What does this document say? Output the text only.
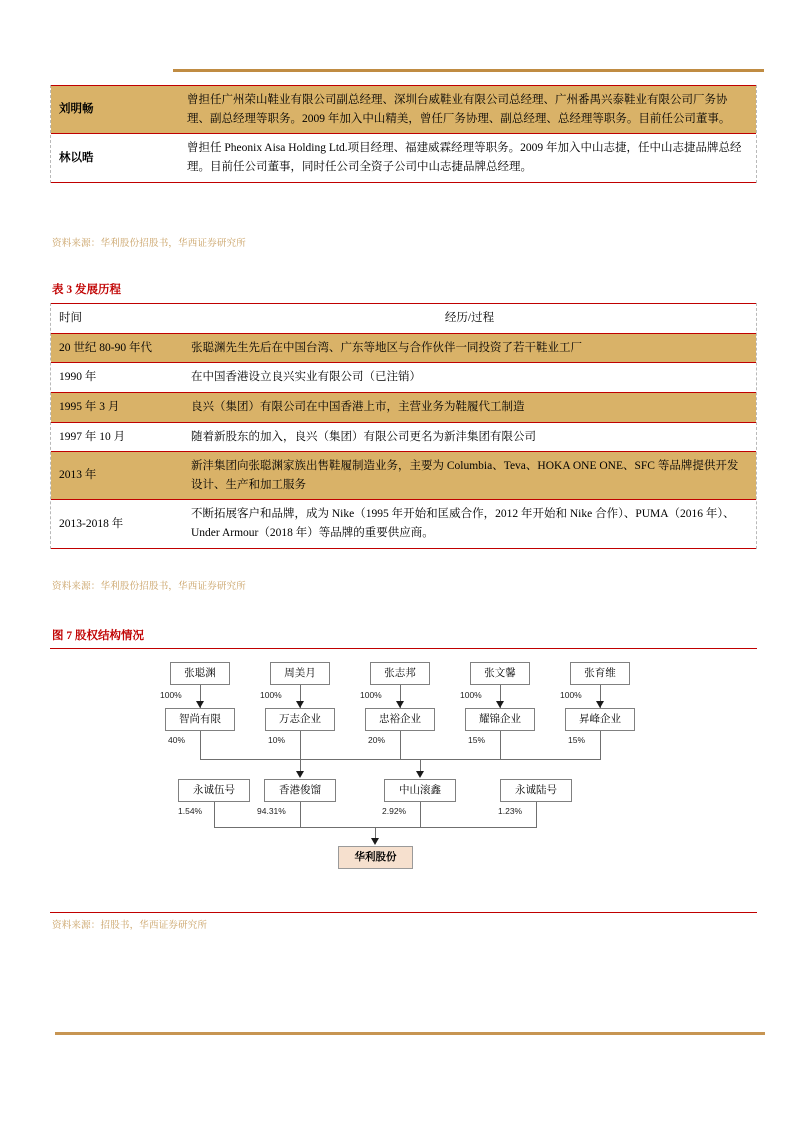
刘明畅	曾担任广州荣山鞋业有限公司副总经理、深圳台威鞋业有限公司总经理、广州番禺兴泰鞋业有限公司厂务协理、副总经理等职务。2009 年加入中山精美，曾任厂务协理、副总经理、总经理等职务。目前任公司董事。
林以晧	曾担任 Pheonix Aisa Holding Ltd.项目经理、福建威霖经理等职务。2009 年加入中山志捷，任中山志捷品牌总经理。目前任公司董事，同时任公司全资子公司中山志捷品牌总经理。
资料来源：华利股份招股书，华西证券研究所
表 3 发展历程
时间	经历/过程
20 世纪 80-90 年代	张聪渊先生先后在中国台湾、广东等地区与合作伙伴一同投资了若干鞋业工厂
1990 年	在中国香港设立良兴实业有限公司（已注销）
1995 年 3 月	良兴（集团）有限公司在中国香港上市，主营业务为鞋履代工制造
1997 年 10 月	随着新股东的加入，良兴（集团）有限公司更名为新沣集团有限公司
2013 年	新沣集团向张聪渊家族出售鞋履制造业务，主要为 Columbia、Teva、HOKA ONE ONE、SFC 等品牌提供开发设计、生产和加工服务
2013-2018 年	不断拓展客户和品牌，成为 Nike（1995 年开始和匡威合作，2012 年开始和 Nike 合作）、PUMA（2016 年）、Under Armour（2018 年）等品牌的重要供应商。
资料来源：华利股份招股书，华西证券研究所
图 7 股权结构情况
张聪渊	周美月	张志邦	张文馨	张育维
100%	100%	100%	100%	100%
智尚有限	万志企业	忠裕企业	耀锦企业	昇峰企业
40%	10%	20%	15%	15%
永诚伍号	香港俊馏	中山滚鑫	永诚陆号
1.54%	94.31%	2.92%	1.23%
华利股份
资料来源：招股书，华西证券研究所
